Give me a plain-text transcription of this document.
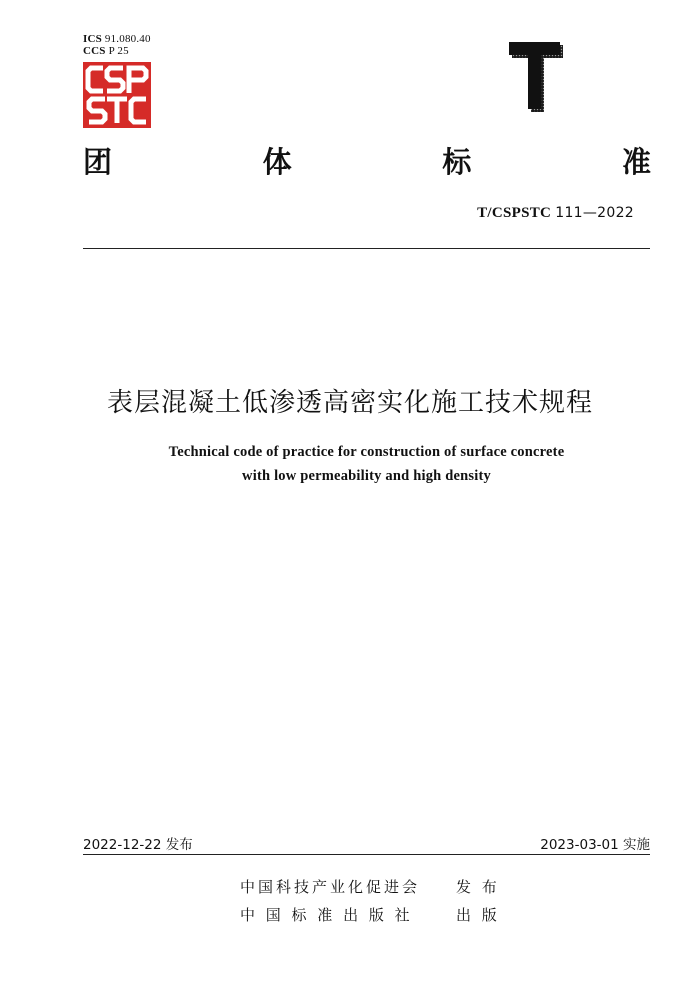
ICS 91.080.40
CCS P 25
团	体	标	准
T/CSPSTC 111—2022
表层混凝土低渗透高密实化施工技术规程
Technical code of practice for construction of surface concrete
with low permeability and high density
2022-12-22 发布	2023-03-01 实施
中国科技产业化促进会 发 布
中 国 标 准 出 版 社	出 版
